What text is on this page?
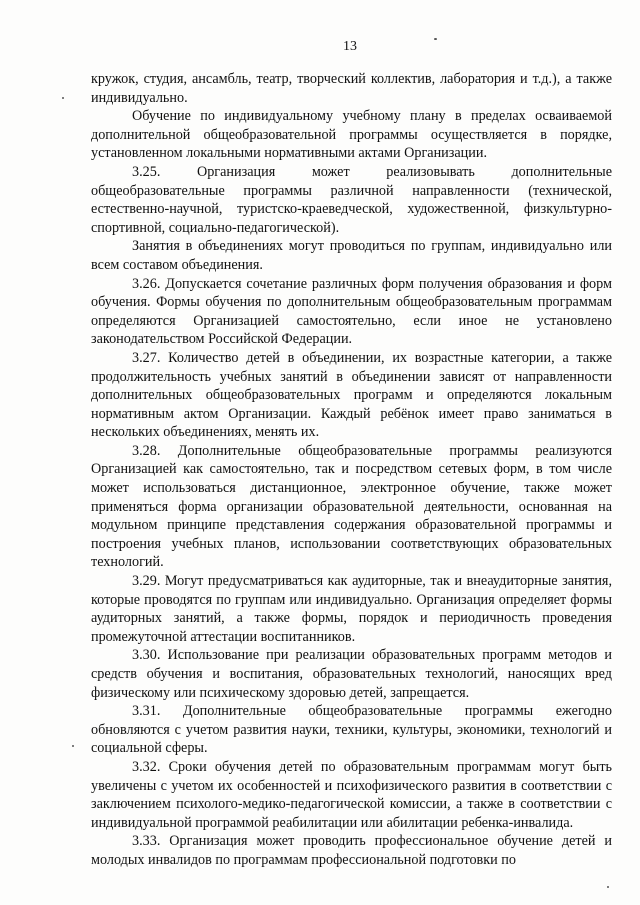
13

кружок, студия, ансамбль, театр, творческий коллектив, лаборатория и т.д.), а также индивидуально.

Обучение по индивидуальному учебному плану в пределах осваиваемой дополнительной общеобразовательной программы осуществляется в порядке, установленном локальными нормативными актами Организации.

3.25. Организация может реализовывать дополнительные общеобразовательные программы различной направленности (технической, естественно-научной, туристско-краеведческой, художественной, физкультурно-спортивной, социально-педагогической).

Занятия в объединениях могут проводиться по группам, индивидуально или всем составом объединения.

3.26. Допускается сочетание различных форм получения образования и форм обучения. Формы обучения по дополнительным общеобразовательным программам определяются Организацией самостоятельно, если иное не установлено законодательством Российской Федерации.

3.27. Количество детей в объединении, их возрастные категории, а также продолжительность учебных занятий в объединении зависят от направленности дополнительных общеобразовательных программ и определяются локальным нормативным актом Организации. Каждый ребёнок имеет право заниматься в нескольких объединениях, менять их.

3.28. Дополнительные общеобразовательные программы реализуются Организацией как самостоятельно, так и посредством сетевых форм, в том числе может использоваться дистанционное, электронное обучение, также может применяться форма организации образовательной деятельности, основанная на модульном принципе представления содержания образовательной программы и построения учебных планов, использовании соответствующих образовательных технологий.

3.29. Могут предусматриваться как аудиторные, так и внеаудиторные занятия, которые проводятся по группам или индивидуально. Организация определяет формы аудиторных занятий, а также формы, порядок и периодичность проведения промежуточной аттестации воспитанников.

3.30. Использование при реализации образовательных программ методов и средств обучения и воспитания, образовательных технологий, наносящих вред физическому или психическому здоровью детей, запрещается.

3.31. Дополнительные общеобразовательные программы ежегодно обновляются с учетом развития науки, техники, культуры, экономики, технологий и социальной сферы.

3.32. Сроки обучения детей по образовательным программам могут быть увеличены с учетом их особенностей и психофизического развития в соответствии с заключением психолого-медико-педагогической комиссии, а также в соответствии с индивидуальной программой реабилитации или абилитации ребенка-инвалида.

3.33. Организация может проводить профессиональное обучение детей и молодых инвалидов по программам профессиональной подготовки по
